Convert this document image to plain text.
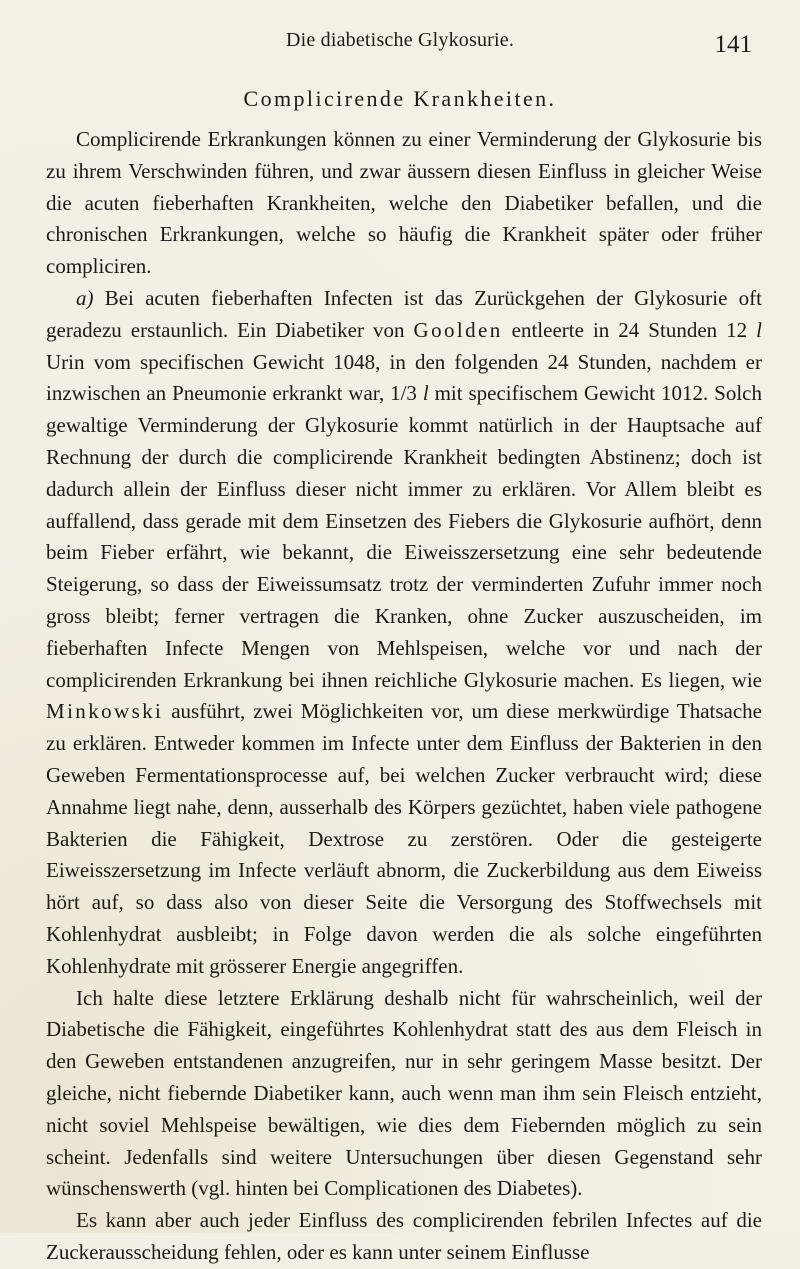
Die diabetische Glykosurie.	141
Complicirende Krankheiten.

Complicirende Erkrankungen können zu einer Verminderung der Glykosurie bis zu ihrem Verschwinden führen, und zwar äussern diesen Einfluss in gleicher Weise die acuten fieberhaften Krankheiten, welche den Diabetiker befallen, und die chronischen Erkrankungen, welche so häufig die Krankheit später oder früher compliciren.

a) Bei acuten fieberhaften Infecten ist das Zurückgehen der Glykosurie oft geradezu erstaunlich. Ein Diabetiker von Goolden entleerte in 24 Stunden 12 l Urin vom specifischen Gewicht 1048, in den folgenden 24 Stunden, nachdem er inzwischen an Pneumonie erkrankt war, 1/3 l mit specifischem Gewicht 1012. Solch gewaltige Verminderung der Glykosurie kommt natürlich in der Hauptsache auf Rechnung der durch die complicirende Krankheit bedingten Abstinenz; doch ist dadurch allein der Einfluss dieser nicht immer zu erklären. Vor Allem bleibt es auffallend, dass gerade mit dem Einsetzen des Fiebers die Glykosurie aufhört, denn beim Fieber erfährt, wie bekannt, die Eiweisszersetzung eine sehr bedeutende Steigerung, so dass der Eiweissumsatz trotz der verminderten Zufuhr immer noch gross bleibt; ferner vertragen die Kranken, ohne Zucker auszuscheiden, im fieberhaften Infecte Mengen von Mehlspeisen, welche vor und nach der complicirenden Erkrankung bei ihnen reichliche Glykosurie machen. Es liegen, wie Minkowski ausführt, zwei Möglichkeiten vor, um diese merkwürdige Thatsache zu erklären. Entweder kommen im Infecte unter dem Einfluss der Bakterien in den Geweben Fermentationsprocesse auf, bei welchen Zucker verbraucht wird; diese Annahme liegt nahe, denn, ausserhalb des Körpers gezüchtet, haben viele pathogene Bakterien die Fähigkeit, Dextrose zu zerstören. Oder die gesteigerte Eiweisszersetzung im Infecte verläuft abnorm, die Zuckerbildung aus dem Eiweiss hört auf, so dass also von dieser Seite die Versorgung des Stoffwechsels mit Kohlenhydrat ausbleibt; in Folge davon werden die als solche eingeführten Kohlenhydrate mit grösserer Energie angegriffen.

Ich halte diese letztere Erklärung deshalb nicht für wahrscheinlich, weil der Diabetische die Fähigkeit, eingeführtes Kohlenhydrat statt des aus dem Fleisch in den Geweben entstandenen anzugreifen, nur in sehr geringem Masse besitzt. Der gleiche, nicht fiebernde Diabetiker kann, auch wenn man ihm sein Fleisch entzieht, nicht soviel Mehlspeise bewältigen, wie dies dem Fiebernden möglich zu sein scheint. Jedenfalls sind weitere Untersuchungen über diesen Gegenstand sehr wünschenswerth (vgl. hinten bei Complicationen des Diabetes).

Es kann aber auch jeder Einfluss des complicirenden febrilen Infectes auf die Zuckerausscheidung fehlen, oder es kann unter seinem Einflusse
